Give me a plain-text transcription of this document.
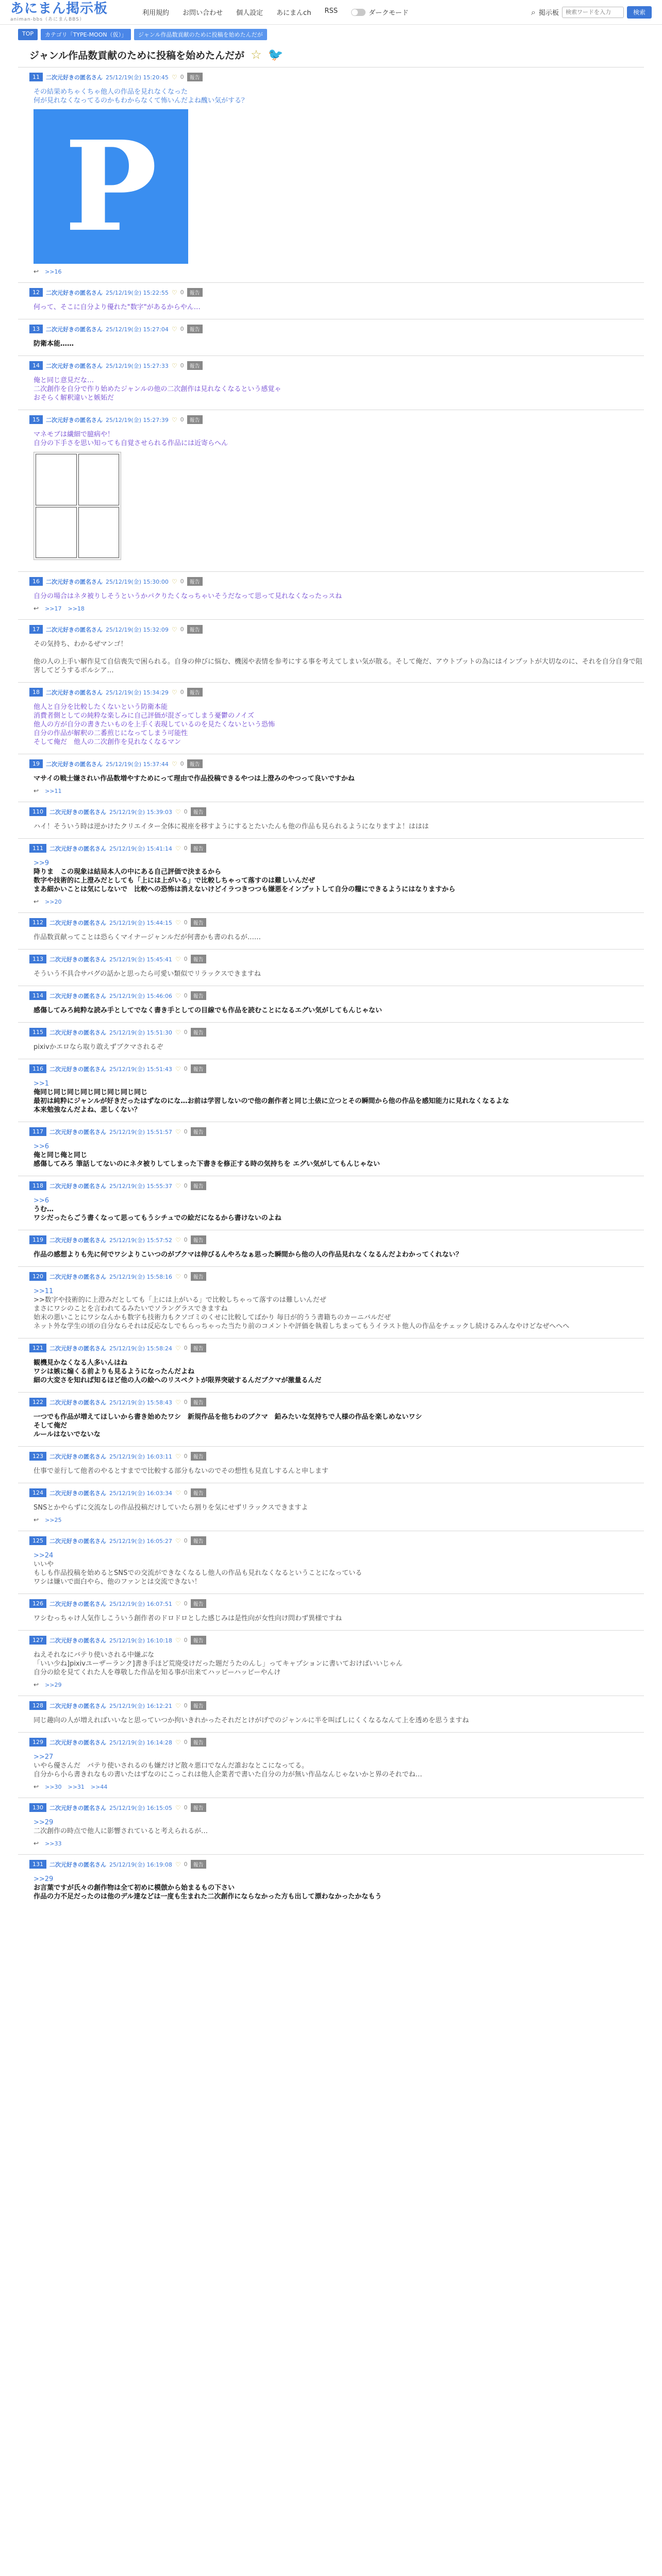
あにまん掲示板
animan-bbs（あにまんBBS）
利用規約 お問い合わせ 個人設定 あにまんch RSS	ダークモード	⌕ 掲示板
検索ワードを入力	検索
TOP	カテゴリ「TYPE-MOON（仮）」	ジャンル作品数貢献のために投稿を始めたんだが
ジャンル作品数貢献のために投稿を始めたんだが ☆ 🐦
11	二次元好きの匿名さん 25/12/19(金) 15:20:45 ♡ 0	報告
その結果めちゃくちゃ他人の作品を見れなくなった
何が見れなくなってるのかもわからなくて怖いんだよね醜い気がする？
P
↩ >>16
12	二次元好きの匿名さん 25/12/19(金) 15:22:55 ♡ 0	報告
何って、そこに自分より優れた"数字"があるからやん…
13	二次元好きの匿名さん 25/12/19(金) 15:27:04 ♡ 0	報告
防衛本能……
14	二次元好きの匿名さん 25/12/19(金) 15:27:33 ♡ 0	報告
俺と同じ意見だな…
二次創作を自分で作り始めたジャンルの他の二次創作は見れなくなるという感覚ゃ
おそらく解釈違いと嫉妬だ
15	二次元好きの匿名さん 25/12/19(金) 15:27:39 ♡ 0	報告
マネモブは繊細で臆病や！
自分の下手さを思い知っても自覚させられる作品には近寄らへん
16	二次元好きの匿名さん 25/12/19(金) 15:30:00 ♡ 0	報告
自分の場合はネタ被りしそうというかパクりたくなっちゃいそうだなって思って見れなくなったっスね
↩ >>17 >>18
17	二次元好きの匿名さん 25/12/19(金) 15:32:09 ♡ 0	報告
その気持ち、わかるぜマンゴ！

他の人の上手い解作見て自信喪失で困られる。自身の伸びに悩む、機図や表情を参考にする事を考えてしまい気が散る。そして俺だ、アウトプットの為にはインプットが大切なのに、それを自分自身で阻害してどうするポルシア…
18	二次元好きの匿名さん 25/12/19(金) 15:34:29 ♡ 0	報告
他人と自分を比較したくないという防衛本能
消費者側としての純粋な楽しみに自己評価が混ざってしまう憂鬱のノイズ
他人の方が自分の書きたいものを上手く表現しているのを見たくないという恐怖
自分の作品が解釈の二番煎じになってしまう可能性
そして俺だ　他人の二次創作を見れなくなるマン
19	二次元好きの匿名さん 25/12/19(金) 15:37:44 ♡ 0	報告
マサイの戦士嫌されい作品数増やすためにって理由で作品投稿できるやつは上澄みのやつって良いですかね
↩ >>11
110	二次元好きの匿名さん 25/12/19(金) 15:39:03 ♡ 0	報告
ハイ！そういう時は逆かけたクリエイター全体に視座を移すようにするとたいたんも他の作品も見られるようになりますよ！ははは
111	二次元好きの匿名さん 25/12/19(金) 15:41:14 ♡ 0	報告
>>9
降りま　この現象は結局本人の中にある自己評価で決まるから
数字や技術的に上澄みだとしても「上には上がいる」で比較しちゃって落すのは難しいんだぜ
まあ細かいことは気にしないで　比較への恐怖は消えないけどイラつきつつも嫌悪をインプットして自分の糧にできるようにはなりますから
↩ >>20
112	二次元好きの匿名さん 25/12/19(金) 15:44:15 ♡ 0	報告
作品数貢献ってことは恐らくマイナージャンルだが何書かも書のれるが……
113	二次元好きの匿名さん 25/12/19(金) 15:45:41 ♡ 0	報告
そういう不具合サバグの話かと思ったら可愛い類似でリラックスできますね
114	二次元好きの匿名さん 25/12/19(金) 15:46:06 ♡ 0	報告
感傷してみろ純粋な読み手としてでなく書き手としての目線でも作品を読むことになるエグい気がしてもんじゃない
115	二次元好きの匿名さん 25/12/19(金) 15:51:30 ♡ 0	報告
pixivかエロなら取り敢えずブクマされるぞ
116	二次元好きの匿名さん 25/12/19(金) 15:51:43 ♡ 0	報告
>>1
俺同じ同じ同じ同じ同じ同じ同じ同じ
最初は純粋にジャンルが好きだったはずなのにな…お前は学習しないので他の創作者と同じ土俵に立つとその瞬間から他の作品を感知能力に見れなくなるよな
本来勉強なんだよね、悲しくない？
117	二次元好きの匿名さん 25/12/19(金) 15:51:57 ♡ 0	報告
>>6
俺と同じ俺と同じ
感傷してみろ 筆話してないのにネタ被りしてしまった下書きを修正する時の気持ちを エグい気がしてもんじゃない
118	二次元好きの匿名さん 25/12/19(金) 15:55:37 ♡ 0	報告
>>6
うむ…
ワシだったらごう書くなって思ってもうシチュでの絵だになるから書けないのよね
119	二次元好きの匿名さん 25/12/19(金) 15:57:52 ♡ 0	報告
作品の感想よりも先に何でワシよりこいつのがブクマは伸びるんやろなぁ思った瞬間から他の人の作品見れなくなるんだよわかってくれない？
120	二次元好きの匿名さん 25/12/19(金) 15:58:16 ♡ 0	報告
>>11
>>数字や技術的に上澄みだとしても「上には上がいる」で比較しちゃって落すのは難しいんだぜ
まさにワシのことを言われてるみたいでソラングラスできますね
始末の悪いことにワシなんかも数字も技術力もクソゴミのくせに比較してばかり 毎日が的うう書籍ちのカーニバルだぜ
ネット外な学生の頃の自分ならそれは反応なしでもらっちゃった当たり前のコメントや評価を執着しちまってもうイラスト他人の作品をチェックし続けるみんなやけどなぜへへへ
121	二次元好きの匿名さん 25/12/19(金) 15:58:24 ♡ 0	報告
観機見かなくなる人多いんはね
ワシは嫉に煽くる前よりも見るようになったんだよね
細の大変さを知れば知るほど他の人の絵へのリスペクトが限界突破するんだブクマが激量るんだ
122	二次元好きの匿名さん 25/12/19(金) 15:58:43 ♡ 0	報告
一つでも作品が増えてほしいから書き始めたワシ　新規作品を他ちわのブクマ　鉛みたいな気持ちで人様の作品を楽しめないワシ
そして俺だ
ルールはないでないな
123	二次元好きの匿名さん 25/12/19(金) 16:03:11 ♡ 0	報告
仕事で並行して他者のやるとすまでで比較する部分もないのでその想性も見直しするんと申します
124	二次元好きの匿名さん 25/12/19(金) 16:03:34 ♡ 0	報告
SNSとかやらずに交流なしの作品投稿だけしていたら割りを気にせずリラックスできますよ
↩ >>25
125	二次元好きの匿名さん 25/12/19(金) 16:05:27 ♡ 0	報告
>>24
いいや
もしも作品投稿を始めるとSNSでの交流ができなくなるし他人の作品も見れなくなるということになっている
ワシは嫌いで面白やら、他のファンとは交流できない！
126	二次元好きの匿名さん 25/12/19(金) 16:07:51 ♡ 0	報告
ワシむっちゃけ人気作しこういう創作者のドロドロとした感じみは是性向が女性向け問わず異様ですね
127	二次元好きの匿名さん 25/12/19(金) 16:10:18 ♡ 0	報告
ねえそれなにバテり使いされる中嫌ぶな
「いい少ね]pixivユーザーランク]書き手ほど荒廃受けだった題だうたのんし」ってキャプションに書いておけばいいじゃん
自分の絵を見てくれた人を尊敬した作品を知る事が出来てハッピーハッピーやんけ
↩ >>29
128	二次元好きの匿名さん 25/12/19(金) 16:12:21 ♡ 0	報告
同じ趣向の人が増えればいいなと思っていつか拘いきれかったそれだとけがげでのジャンルに半を叫ばしにくくなるなんて上を透めを思うますね
129	二次元好きの匿名さん 25/12/19(金) 16:14:28 ♡ 0	報告
>>27
いやら優さんだ　バテり使いされるのも嫌だけど散々悪口でなんだ誰おなとこになってる。
自分から小ら書きれなもの書いたはずなのにこっこれは他人企業者で書いた自分の力が無い作品なんじゃないかと界のそれでね…
↩ >>30 >>31 >>44
130	二次元好きの匿名さん 25/12/19(金) 16:15:05 ♡ 0	報告
>>29
二次創作の時点で他人に影響されていると考えられるが…
↩ >>33
131	二次元好きの匿名さん 25/12/19(金) 16:19:08 ♡ 0	報告
>>29
お言葉ですが氏々の創作物は全て初めに模倣から始まるもの下さい
作品の力不足だったのは他のデル達などは一度も生まれた二次創作にならなかった方も出して漂わなかったかなもう
